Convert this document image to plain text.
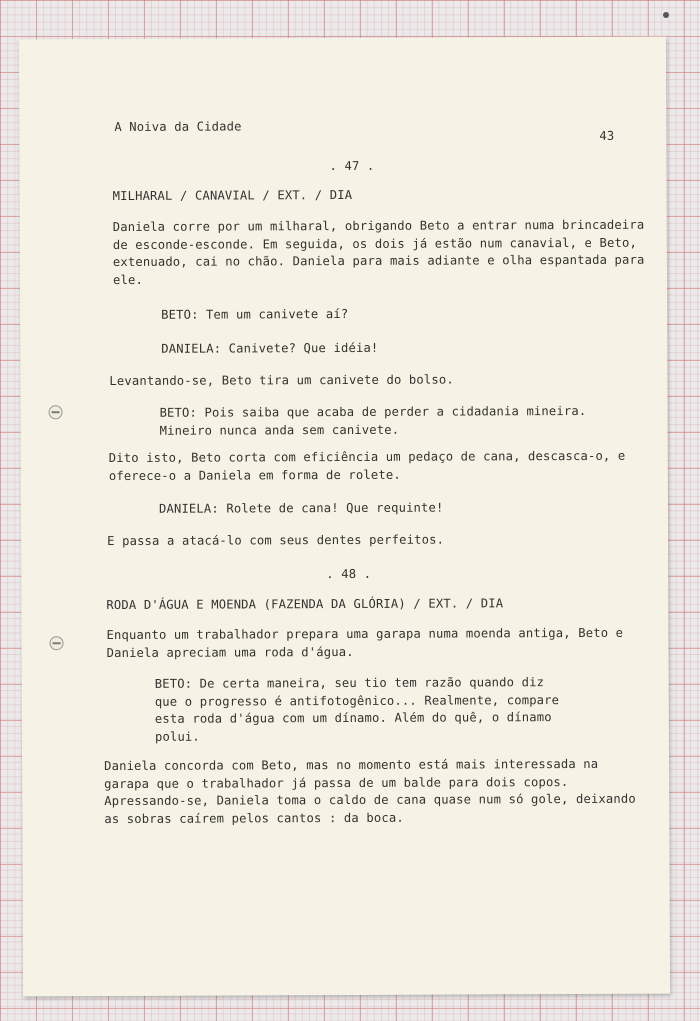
A Noiva da Cidade

43

. 47 .

MILHARAL / CANAVIAL / EXT. / DIA

Daniela corre por um milharal, obrigando Beto a entrar numa brincadeira

de esconde-esconde. Em seguida, os dois já estão num canavial, e Beto,

extenuado, cai no chão. Daniela para mais adiante e olha espantada para

ele.

BETO: Tem um canivete aí?

DANIELA: Canivete? Que idéia!

Levantando-se, Beto tira um canivete do bolso.

BETO: Pois saiba que acaba de perder a cidadania mineira.

Mineiro nunca anda sem canivete.

Dito isto, Beto corta com eficiência um pedaço de cana, descasca-o, e

oferece-o a Daniela em forma de rolete.

DANIELA: Rolete de cana! Que requinte!

E passa a atacá-lo com seus dentes perfeitos.

. 48 .

RODA D'ÁGUA E MOENDA (FAZENDA DA GLÓRIA) / EXT. / DIA

Enquanto um trabalhador prepara uma garapa numa moenda antiga, Beto e

Daniela apreciam uma roda d'água.

BETO: De certa maneira, seu tio tem razão quando diz

que o progresso é antifotogênico... Realmente, compare

esta roda d'água com um dínamo. Além do quê, o dínamo

polui.

Daniela concorda com Beto, mas no momento está mais interessada na

garapa que o trabalhador já passa de um balde para dois copos.

Apressando-se, Daniela toma o caldo de cana quase num só gole, deixando

as sobras caírem pelos cantos : da boca.
